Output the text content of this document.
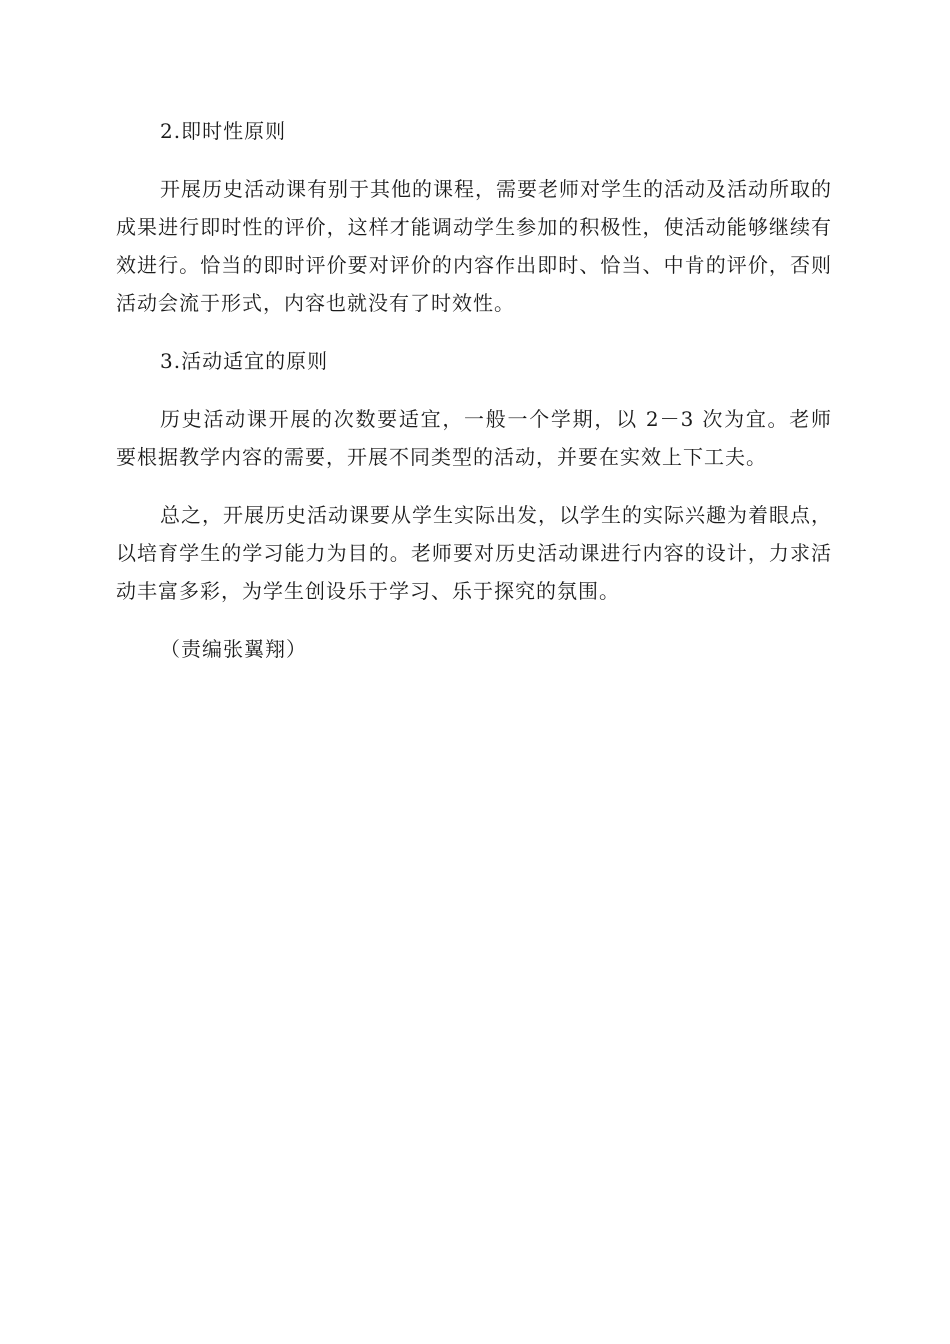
2.即时性原则

开展历史活动课有别于其他的课程，需要老师对学生的活动及活动所取的成果进行即时性的评价，这样才能调动学生参加的积极性，使活动能够继续有效进行。恰当的即时评价要对评价的内容作出即时、恰当、中肯的评价，否则活动会流于形式，内容也就没有了时效性。

3.活动适宜的原则

历史活动课开展的次数要适宜，一般一个学期，以 2－3 次为宜。老师要根据教学内容的需要，开展不同类型的活动，并要在实效上下工夫。

总之，开展历史活动课要从学生实际出发，以学生的实际兴趣为着眼点，以培育学生的学习能力为目的。老师要对历史活动课进行内容的设计，力求活动丰富多彩，为学生创设乐于学习、乐于探究的氛围。

（责编张翼翔）
